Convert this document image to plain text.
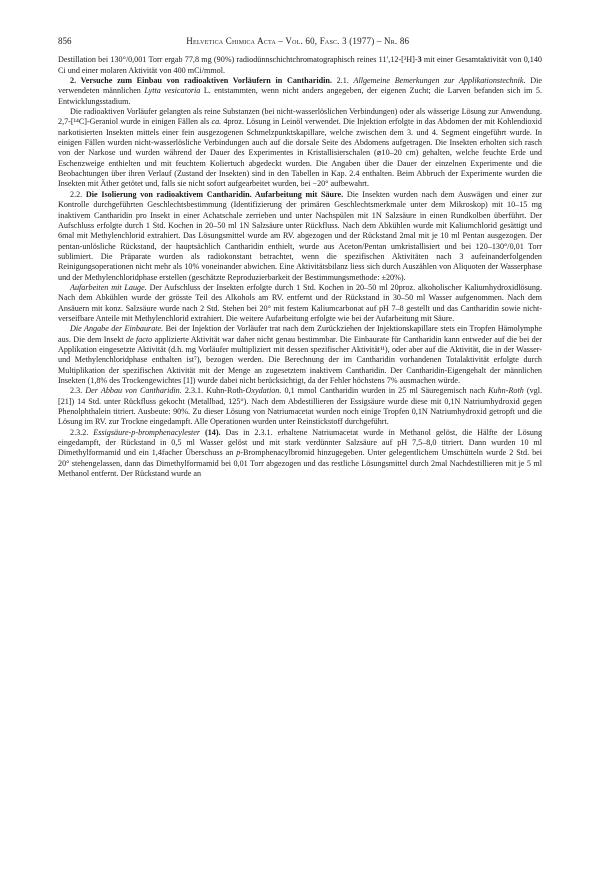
856	Helvetica Chimica Acta – Vol. 60, Fasc. 3 (1977) – Nr. 86

Destillation bei 130°/0,001 Torr ergab 77,8 mg (90%) radiodünnschichtchromatographisch reines 11′,12-[³H]-3 mit einer Gesamtaktivität von 0,140 Ci und einer molaren Aktivität von 400 mCi/mmol.

2. Versuche zum Einbau von radioaktiven Vorläufern in Cantharidin. 2.1. Allgemeine Bemerkungen zur Applikationstechnik. Die verwendeten männlichen Lytta vesicatoria L. entstammten, wenn nicht anders angegeben, der eigenen Zucht; die Larven befanden sich im 5. Entwicklungsstadium.

Die radioaktiven Vorläufer gelangten als reine Substanzen (bei nicht-wasserlöslichen Verbindungen) oder als wässerige Lösung zur Anwendung. 2,7-[¹⁴C]-Geraniol wurde in einigen Fällen als ca. 4proz. Lösung in Leinöl verwendet. Die Injektion erfolgte in das Abdomen der mit Kohlendioxid narkotisierten Insekten mittels einer fein ausgezogenen Schmelzpunktskapillare, welche zwischen dem 3. und 4. Segment eingeführt wurde. In einigen Fällen wurden nicht-wasserlösliche Verbindungen auch auf die dorsale Seite des Abdomens aufgetragen. Die Insekten erholten sich rasch von der Narkose und wurden während der Dauer des Experimentes in Kristallisierschalen (⌀10–20 cm) gehalten, welche feuchte Erde und Eschenzweige enthielten und mit feuchtem Koliertuch abgedeckt wurden. Die Angaben über die Dauer der einzelnen Experimente und die Beobachtungen über ihren Verlauf (Zustand der Insekten) sind in den Tabellen in Kap. 2.4 enthalten. Beim Abbruch der Experimente wurden die Insekten mit Äther getötet und, falls sie nicht sofort aufgearbeitet wurden, bei −20° aufbewahrt.

2.2. Die Isolierung von radioaktivem Cantharidin. Aufarbeitung mit Säure. Die Insekten wurden nach dem Auswägen und einer zur Kontrolle durchgeführten Geschlechtsbestimmung (Identifizierung der primären Geschlechtsmerkmale unter dem Mikroskop) mit 10–15 mg inaktivem Cantharidin pro Insekt in einer Achatschale zerrieben und unter Nachspülen mit 1N Salzsäure in einen Rundkolben überführt. Der Aufschluss erfolgte durch 1 Std. Kochen in 20–50 ml 1N Salzsäure unter Rückfluss. Nach dem Abkühlen wurde mit Kaliumchlorid gesättigt und 6mal mit Methylenchlorid extrahiert. Das Lösungsmittel wurde am RV. abgezogen und der Rückstand 2mal mit je 10 ml Pentan ausgezogen. Der pentan-unlösliche Rückstand, der hauptsächlich Cantharidin enthielt, wurde aus Aceton/Pentan umkristallisiert und bei 120–130°/0,01 Torr sublimiert. Die Präparate wurden als radiokonstant betrachtet, wenn die spezifischen Aktivitäten nach 3 aufeinanderfolgenden Reinigungsoperationen nicht mehr als 10% voneinander abwichen. Eine Aktivitätsbilanz liess sich durch Auszählen von Aliquoten der Wasserphase und der Methylenchloridphase erstellen (geschätzte Reproduzierbarkeit der Bestimmungsmethode: ±20%).

Aufarbeiten mit Lauge. Der Aufschluss der Insekten erfolgte durch 1 Std. Kochen in 20–50 ml 20proz. alkoholischer Kaliumhydroxidlösung. Nach dem Abkühlen wurde der grösste Teil des Alkohols am RV. entfernt und der Rückstand in 30–50 ml Wasser aufgenommen. Nach dem Ansäuern mit konz. Salzsäure wurde nach 2 Std. Stehen bei 20° mit festem Kaliumcarbonat auf pH 7–8 gestellt und das Cantharidin sowie nicht-verseifbare Anteile mit Methylenchlorid extrahiert. Die weitere Aufarbeitung erfolgte wie bei der Aufarbeitung mit Säure.

Die Angabe der Einbaurate. Bei der Injektion der Vorläufer trat nach dem Zurückziehen der Injektionskapillare stets ein Tropfen Hämolymphe aus. Die dem Insekt de facto applizierte Aktivität war daher nicht genau bestimmbar. Die Einbaurate für Cantharidin kann entweder auf die bei der Applikation eingesetzte Aktivität (d.h. mg Vorläufer multipliziert mit dessen spezifischer Aktivität¹¹), oder aber auf die Aktivität, die in der Wasser- und Methylenchloridphase enthalten ist⁷), bezogen werden. Die Berechnung der im Cantharidin vorhandenen Totalaktivität erfolgte durch Multiplikation der spezifischen Aktivität mit der Menge an zugesetztem inaktivem Cantharidin. Der Cantharidin-Eigengehalt der männlichen Insekten (1,8% des Trockengewichtes [1]) wurde dabei nicht berücksichtigt, da der Fehler höchstens 7% ausmachen würde.

2.3. Der Abbau von Cantharidin. 2.3.1. Kuhn-Roth-Oxydation. 0,1 mmol Cantharidin wurden in 25 ml Säuregemisch nach Kuhn-Roth (vgl. [21]) 14 Std. unter Rückfluss gekocht (Metallbad, 125°). Nach dem Abdestillieren der Essigsäure wurde diese mit 0,1N Natriumhydroxid gegen Phenolphthalein titriert. Ausbeute: 90%. Zu dieser Lösung von Natriumacetat wurden noch einige Tropfen 0,1N Natriumhydroxid getropft und die Lösung im RV. zur Trockne eingedampft. Alle Operationen wurden unter Reinstickstoff durchgeführt.

2.3.2. Essigsäure-p-bromphenacylester (14). Das in 2.3.1. erhaltene Natriumacetat wurde in Methanol gelöst, die Hälfte der Lösung eingedampft, der Rückstand in 0,5 ml Wasser gelöst und mit stark verdünnter Salzsäure auf pH 7,5–8,0 titriert. Dann wurden 10 ml Dimethylformamid und ein 1,4facher Überschuss an p-Bromphenacylbromid hinzugegeben. Unter gelegentlichem Umschütteln wurde 2 Std. bei 20° stehengelassen, dann das Dimethylformamid bei 0,01 Torr abgezogen und das restliche Lösungsmittel durch 2mal Nachdestillieren mit je 5 ml Methanol entfernt. Der Rückstand wurde an
